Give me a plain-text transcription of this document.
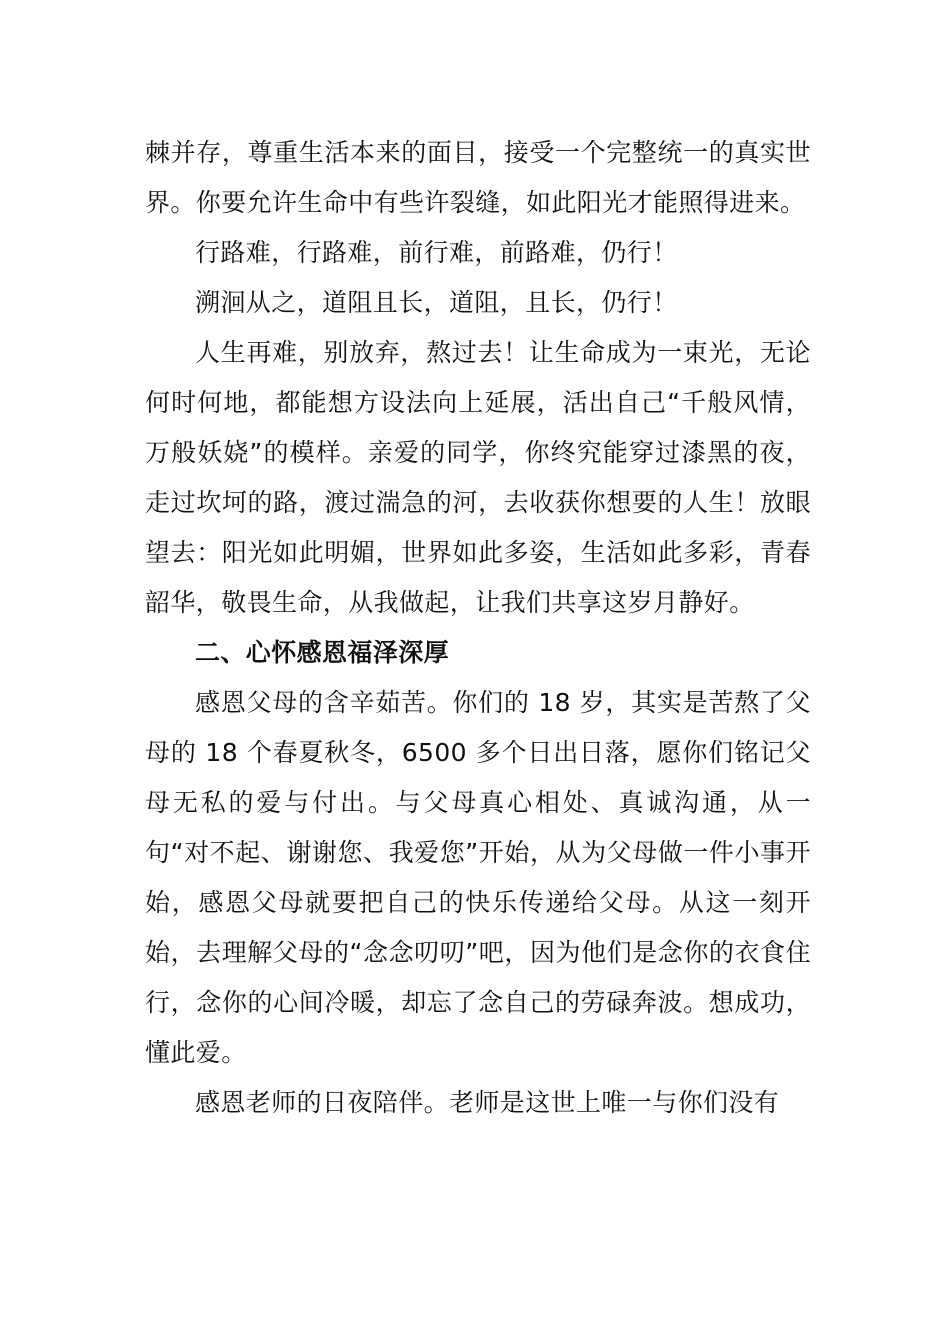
棘并存，尊重生活本来的面目，接受一个完整统一的真实世界。你要允许生命中有些许裂缝，如此阳光才能照得进来。

行路难，行路难，前行难，前路难，仍行！

溯洄从之，道阻且长，道阻，且长，仍行！

人生再难，别放弃，熬过去！让生命成为一束光，无论何时何地，都能想方设法向上延展，活出自己“千般风情，万般妖娆”的模样。亲爱的同学，你终究能穿过漆黑的夜，走过坎坷的路，渡过湍急的河，去收获你想要的人生！放眼望去：阳光如此明媚，世界如此多姿，生活如此多彩，青春韶华，敬畏生命，从我做起，让我们共享这岁月静好。

二、心怀感恩福泽深厚

感恩父母的含辛茹苦。你们的 18 岁，其实是苦熬了父母的 18 个春夏秋冬，6500 多个日出日落，愿你们铭记父母无私的爱与付出。与父母真心相处、真诚沟通，从一句“对不起、谢谢您、我爱您”开始，从为父母做一件小事开始，感恩父母就要把自己的快乐传递给父母。从这一刻开始，去理解父母的“念念叨叨”吧，因为他们是念你的衣食住行，念你的心间冷暖，却忘了念自己的劳碌奔波。想成功，懂此爱。

感恩老师的日夜陪伴。老师是这世上唯一与你们没有
